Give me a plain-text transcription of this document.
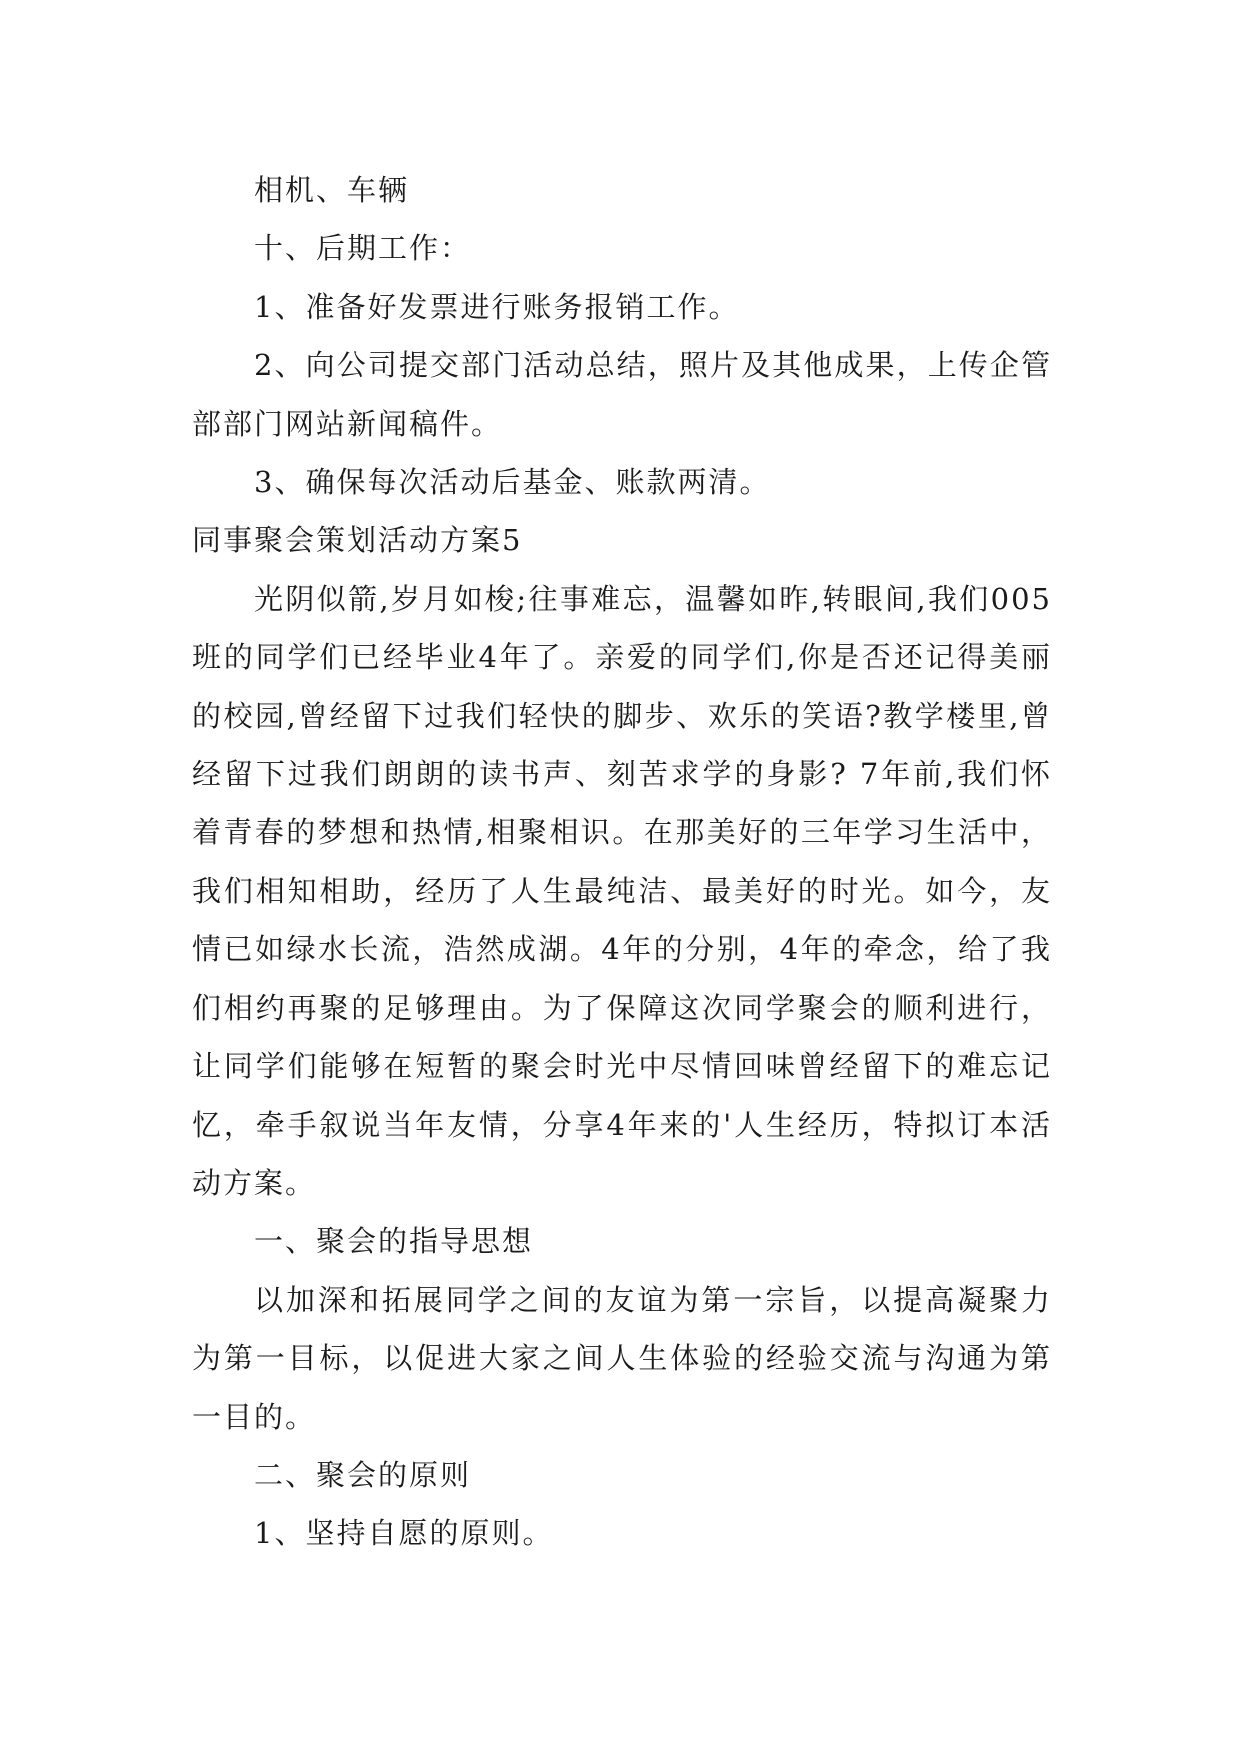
相机、车辆

十、后期工作：

1、准备好发票进行账务报销工作。

2、向公司提交部门活动总结，照片及其他成果，上传企管部部门网站新闻稿件。

3、确保每次活动后基金、账款两清。

同事聚会策划活动方案5

光阴似箭,岁月如梭;往事难忘，温馨如昨,转眼间,我们005班的同学们已经毕业4年了。亲爱的同学们,你是否还记得美丽的校园,曾经留下过我们轻快的脚步、欢乐的笑语?教学楼里,曾经留下过我们朗朗的读书声、刻苦求学的身影? 7年前,我们怀着青春的梦想和热情,相聚相识。在那美好的三年学习生活中，我们相知相助，经历了人生最纯洁、最美好的时光。如今，友情已如绿水长流，浩然成湖。4年的分别，4年的牵念，给了我们相约再聚的足够理由。为了保障这次同学聚会的顺利进行，让同学们能够在短暂的聚会时光中尽情回味曾经留下的难忘记忆，牵手叙说当年友情，分享4年来的'人生经历，特拟订本活动方案。

一、聚会的指导思想

以加深和拓展同学之间的友谊为第一宗旨，以提高凝聚力为第一目标，以促进大家之间人生体验的经验交流与沟通为第一目的。

二、聚会的原则

1、坚持自愿的原则。
